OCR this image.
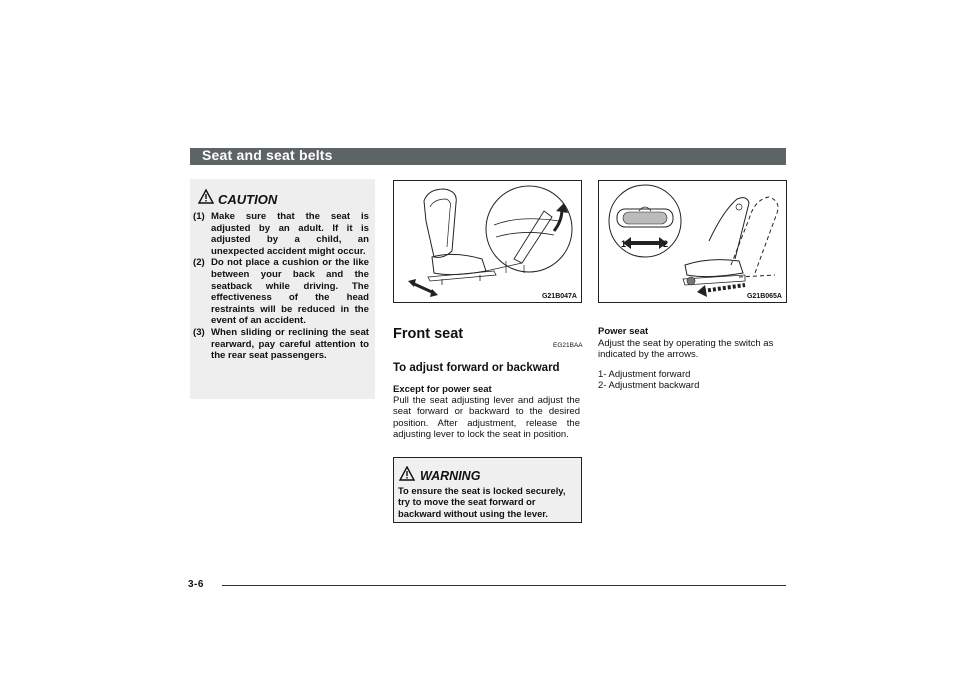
Seat and seat belts
CAUTION
(1) Make sure that the seat is adjusted by an adult. If it is adjusted by a child, an unexpected accident might occur.
(2) Do not place a cushion or the like between your back and the seatback while driving. The effectiveness of the head restraints will be reduced in the event of an accident.
(3) When sliding or reclining the seat rearward, pay careful attention to the rear seat passengers.
G21B047A
1	2
G21B065A
Front seat
EG21BAA
To adjust forward or backward
Except for power seat
Pull the seat adjusting lever and adjust the seat forward or backward to the desired position. After adjustment, release the adjusting lever to lock the seat in position.
WARNING
To ensure the seat is locked securely, try to move the seat forward or backward without using the lever.
Power seat
Adjust the seat by operating the switch as indicated by the arrows.
1- Adjustment forward
2- Adjustment backward
3-6
